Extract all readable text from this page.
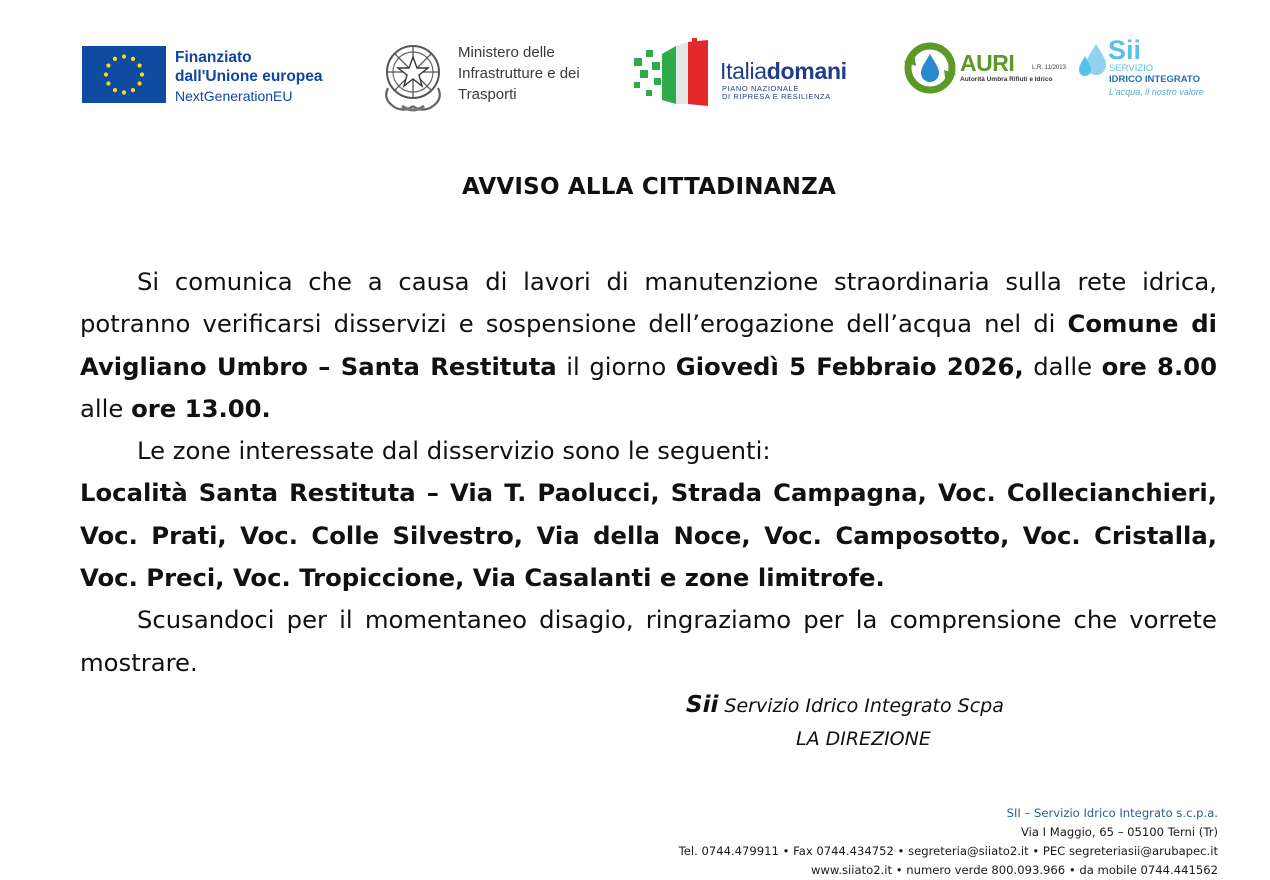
Finanziato
dall'Unione europea
NextGenerationEU
Ministero delle
Infrastrutture e dei
Trasporti
Italiadomani
PIANO NAZIONALE
DI RIPRESA E RESILIENZA
AURI	L.R. 11/2013
Autorità Umbra Rifiuti e Idrico
Sii
SERVIZIO
IDRICO INTEGRATO
L'acqua, il nostro valore
AVVISO ALLA CITTADINANZA

Si comunica che a causa di lavori di manutenzione straordinaria sulla rete idrica, potranno verificarsi disservizi e sospensione dell’erogazione dell’acqua nel di Comune di Avigliano Umbro – Santa Restituta il giorno Giovedì 5 Febbraio 2026, dalle ore 8.00 alle ore 13.00.

Le zone interessate dal disservizio sono le seguenti:

Località Santa Restituta – Via T. Paolucci, Strada Campagna, Voc. Collecianchieri, Voc. Prati, Voc. Colle Silvestro, Via della Noce, Voc. Camposotto, Voc. Cristalla, Voc. Preci, Voc. Tropiccione, Via Casalanti e zone limitrofe.

Scusandoci per il momentaneo disagio, ringraziamo per la comprensione che vorrete mostrare.

Sii Servizio Idrico Integrato Scpa
LA DIREZIONE
SII – Servizio Idrico Integrato s.c.p.a.
Via I Maggio, 65 – 05100 Terni (Tr)
Tel. 0744.479911 • Fax 0744.434752 • segreteria@siiato2.it • PEC segreteriasii@arubapec.it
www.siiato2.it • numero verde 800.093.966 • da mobile 0744.441562
